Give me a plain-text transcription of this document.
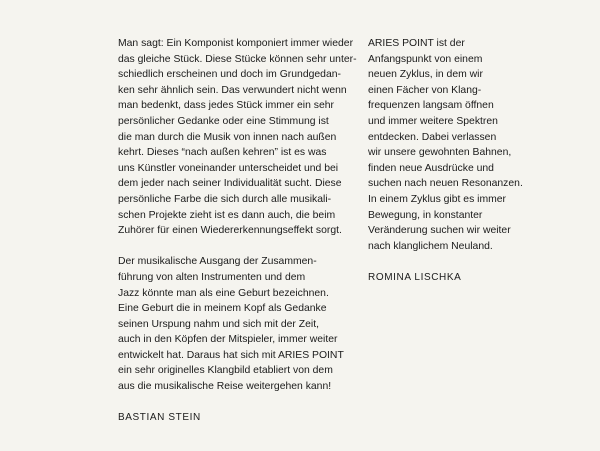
Man sagt: Ein Komponist komponiert immer wieder
das gleiche Stück. Diese Stücke können sehr unter-
schiedlich erscheinen und doch im Grundgedan-
ken sehr ähnlich sein. Das verwundert nicht wenn
man bedenkt, dass jedes Stück immer ein sehr
persönlicher Gedanke oder eine Stimmung ist
die man durch die Musik von innen nach außen
kehrt. Dieses “nach außen kehren” ist es was
uns Künstler voneinander unterscheidet und bei
dem jeder nach seiner Individualität sucht. Diese
persönliche Farbe die sich durch alle musikali-
schen Projekte zieht ist es dann auch, die beim
Zuhörer für einen Wiedererkennungseffekt sorgt.

Der musikalische Ausgang der Zusammen-
führung von alten Instrumenten und dem
Jazz könnte man als eine Geburt bezeichnen.
Eine Geburt die in meinem Kopf als Gedanke
seinen Urspung nahm und sich mit der Zeit,
auch in den Köpfen der Mitspieler, immer weiter
entwickelt hat. Daraus hat sich mit ARIES POINT
ein sehr originelles Klangbild etabliert von dem
aus die musikalische Reise weitergehen kann!

BASTIAN STEIN

ARIES POINT ist der
Anfangspunkt von einem
neuen Zyklus, in dem wir
einen Fächer von Klang-
frequenzen langsam öffnen
und immer weitere Spektren
entdecken. Dabei verlassen
wir unsere gewohnten Bahnen,
finden neue Ausdrücke und
suchen nach neuen Resonanzen.
In einem Zyklus gibt es immer
Bewegung, in konstanter
Veränderung suchen wir weiter
nach klanglichem Neuland.

ROMINA LISCHKA
